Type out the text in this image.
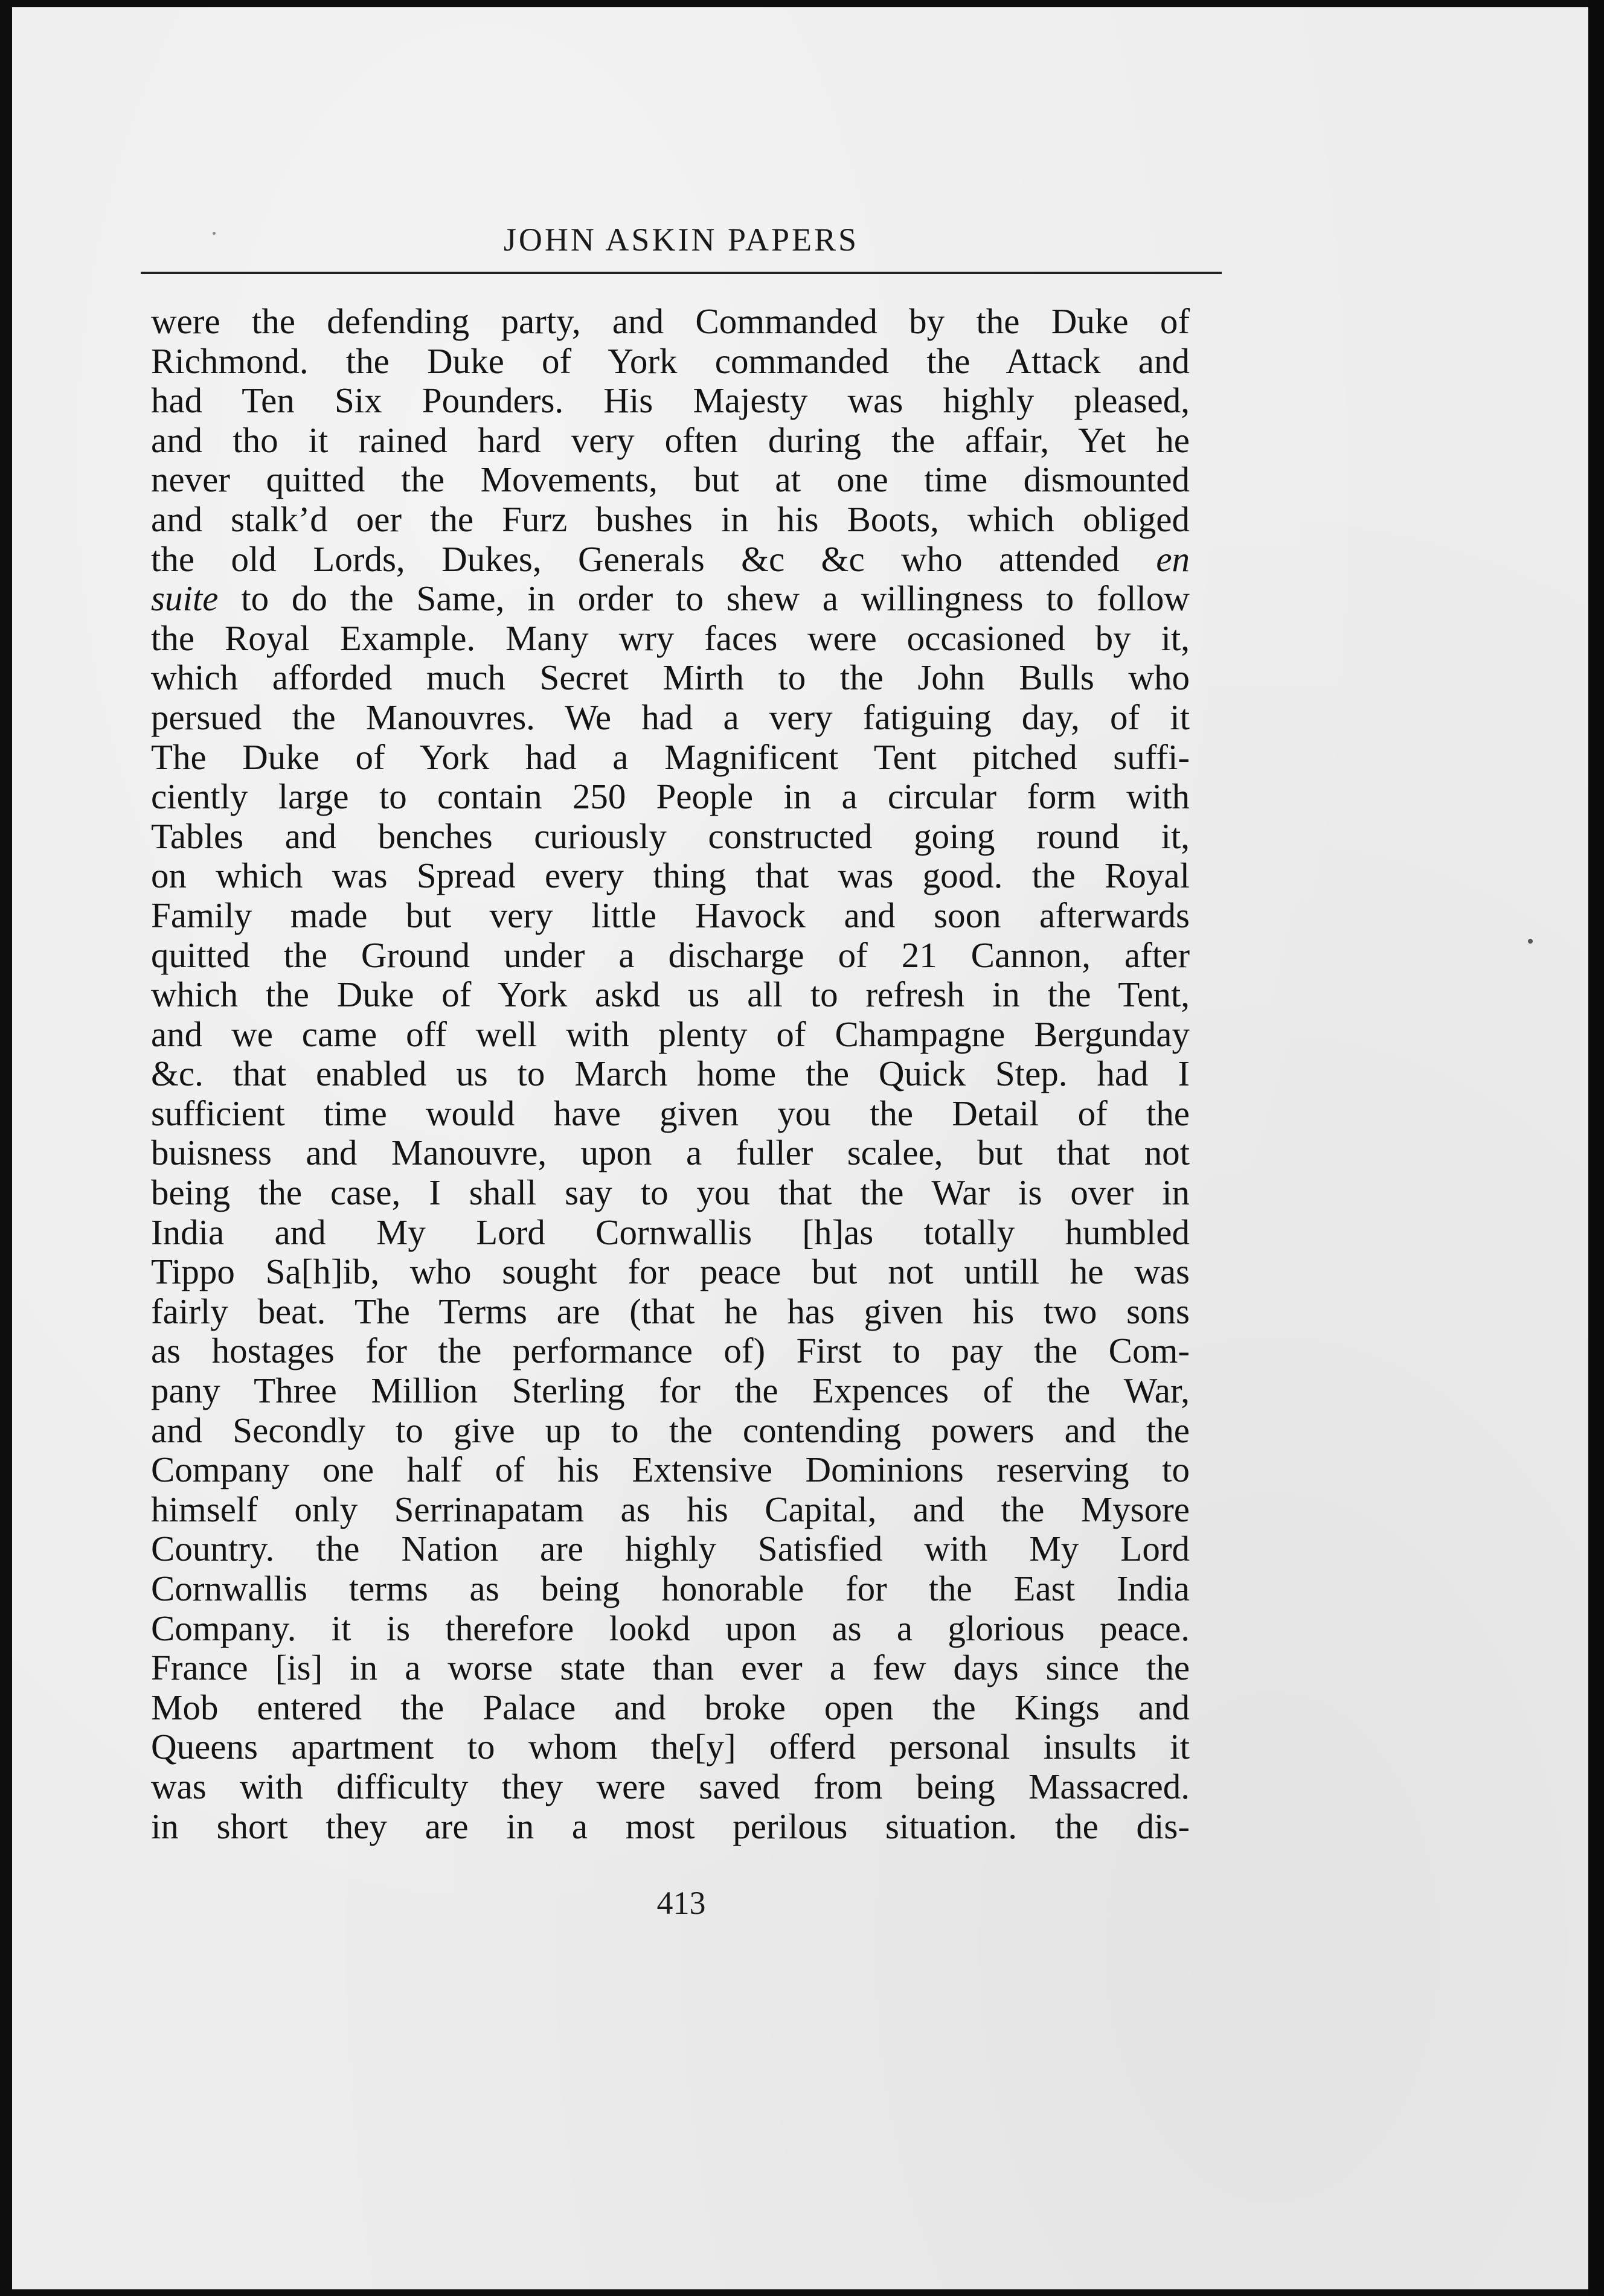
JOHN ASKIN PAPERS
were the defending party, and Commanded by the Duke of
Richmond. the Duke of York commanded the Attack and
had Ten Six Pounders. His Majesty was highly pleased,
and tho it rained hard very often during the affair, Yet he
never quitted the Movements, but at one time dismounted
and stalk’d oer the Furz bushes in his Boots, which obliged
the old Lords, Dukes, Generals &c &c who attended en
suite to do the Same, in order to shew a willingness to follow
the Royal Example. Many wry faces were occasioned by it,
which afforded much Secret Mirth to the John Bulls who
persued the Manouvres. We had a very fatiguing day, of it
The Duke of York had a Magnificent Tent pitched suffi-
ciently large to contain 250 People in a circular form with
Tables and benches curiously constructed going round it,
on which was Spread every thing that was good. the Royal
Family made but very little Havock and soon afterwards
quitted the Ground under a discharge of 21 Cannon, after
which the Duke of York askd us all to refresh in the Tent,
and we came off well with plenty of Champagne Bergunday
&c. that enabled us to March home the Quick Step. had I
sufficient time would have given you the Detail of the
buisness and Manouvre, upon a fuller scalee, but that not
being the case, I shall say to you that the War is over in
India and My Lord Cornwallis [h]as totally humbled
Tippo Sa[h]ib, who sought for peace but not untill he was
fairly beat. The Terms are (that he has given his two sons
as hostages for the performance of) First to pay the Com-
pany Three Million Sterling for the Expences of the War,
and Secondly to give up to the contending powers and the
Company one half of his Extensive Dominions reserving to
himself only Serrinapatam as his Capital, and the Mysore
Country. the Nation are highly Satisfied with My Lord
Cornwallis terms as being honorable for the East India
Company. it is therefore lookd upon as a glorious peace.
France [is] in a worse state than ever a few days since the
Mob entered the Palace and broke open the Kings and
Queens apartment to whom the[y] offerd personal insults it
was with difficulty they were saved from being Massacred.
in short they are in a most perilous situation. the dis-
413
